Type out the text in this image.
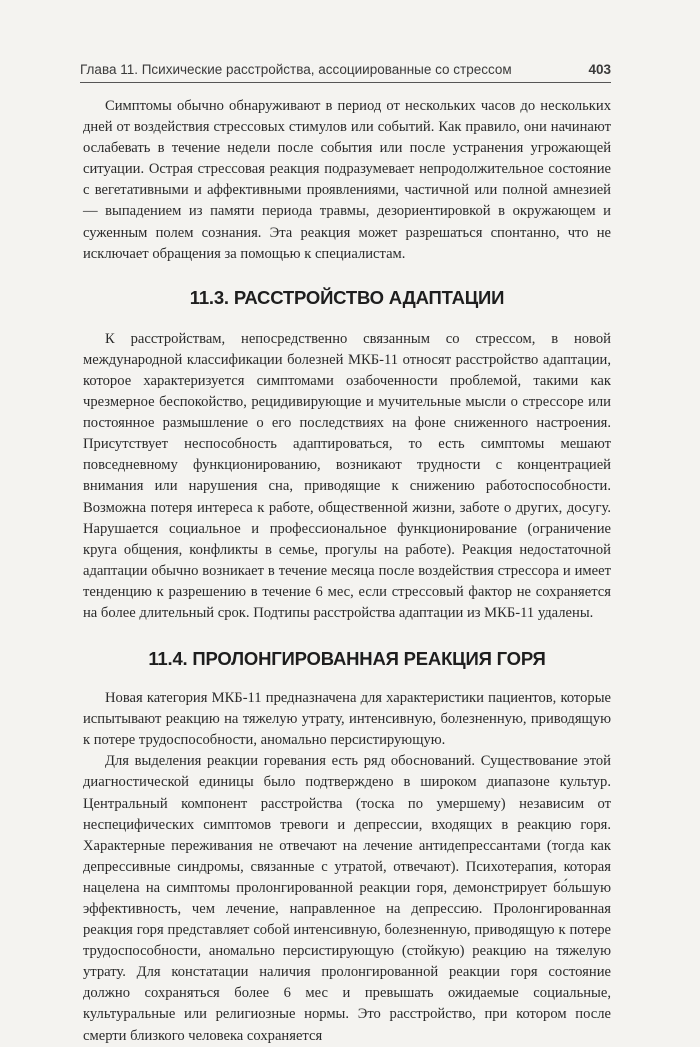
Глава 11. Психические расстройства, ассоциированные со стрессом	403

Симптомы обычно обнаруживают в период от нескольких часов до нескольких дней от воздействия стрессовых стимулов или событий. Как правило, они начинают ослабевать в течение недели после события или после устранения угрожающей ситуации. Острая стрессовая реакция подразумевает непродолжительное состояние с вегетативными и аффективными проявлениями, частичной или полной амнезией — выпадением из памяти периода травмы, дезориентировкой в окружающем и суженным полем сознания. Эта реакция может разрешаться спонтанно, что не исключает обращения за помощью к специалистам.

11.3. РАССТРОЙСТВО АДАПТАЦИИ

К расстройствам, непосредственно связанным со стрессом, в новой международной классификации болезней МКБ-11 относят расстройство адаптации, которое характеризуется симптомами озабоченности проблемой, такими как чрезмерное беспокойство, рецидивирующие и мучительные мысли о стрессоре или постоянное размышление о его последствиях на фоне сниженного настроения. Присутствует неспособность адаптироваться, то есть симптомы мешают повседневному функционированию, возникают трудности с концентрацией внимания или нарушения сна, приводящие к снижению работоспособности. Возможна потеря интереса к работе, общественной жизни, заботе о других, досугу. Нарушается социальное и профессиональное функционирование (ограничение круга общения, конфликты в семье, прогулы на работе). Реакция недостаточной адаптации обычно возникает в течение месяца после воздействия стрессора и имеет тенденцию к разрешению в течение 6 мес, если стрессовый фактор не сохраняется на более длительный срок. Подтипы расстройства адаптации из МКБ-11 удалены.

11.4. ПРОЛОНГИРОВАННАЯ РЕАКЦИЯ ГОРЯ

Новая категория МКБ-11 предназначена для характеристики пациентов, которые испытывают реакцию на тяжелую утрату, интенсивную, болезненную, приводящую к потере трудоспособности, аномально персистирующую.

Для выделения реакции горевания есть ряд обоснований. Существование этой диагностической единицы было подтверждено в широком диапазоне культур. Центральный компонент расстройства (тоска по умершему) независим от неспецифических симптомов тревоги и депрессии, входящих в реакцию горя. Характерные переживания не отвечают на лечение антидепрессантами (тогда как депрессивные синдромы, связанные с утратой, отвечают). Психотерапия, которая нацелена на симптомы пролонгированной реакции горя, демонстрирует бо́льшую эффективность, чем лечение, направленное на депрессию. Пролонгированная реакция горя представляет собой интенсивную, болезненную, приводящую к потере трудоспособности, аномально персистирующую (стойкую) реакцию на тяжелую утрату. Для констатации наличия пролонгированной реакции горя состояние должно сохраняться более 6 мес и превышать ожидаемые социальные, культуральные или религиозные нормы. Это расстройство, при котором после смерти близкого человека сохраняется
